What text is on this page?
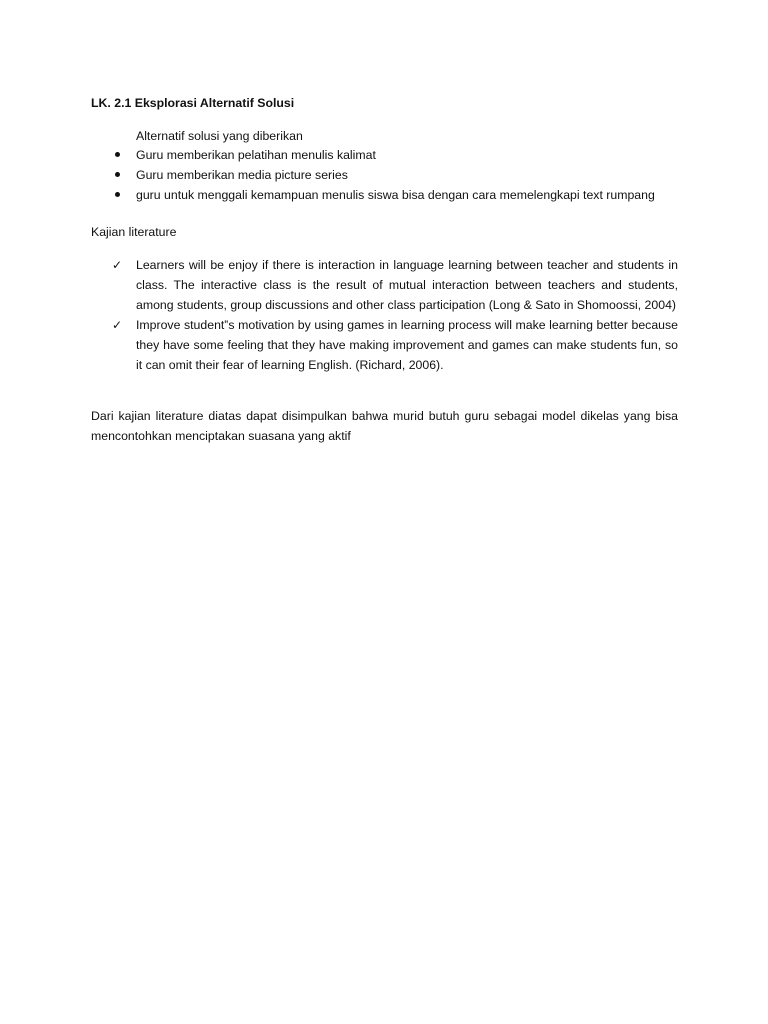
LK. 2.1 Eksplorasi Alternatif Solusi
Alternatif solusi yang diberikan
Guru memberikan pelatihan menulis kalimat
Guru memberikan media picture series
guru untuk menggali kemampuan menulis siswa bisa dengan cara memelengkapi text rumpang
Kajian literature
✓ Learners will be enjoy if there is interaction in language learning between teacher and students in class. The interactive class is the result of mutual interaction between teachers and students, among students, group discussions and other class participation (Long & Sato in Shomoossi, 2004)
✓ Improve student‟s motivation by using games in learning process will make learning better because they have some feeling that they have making improvement and games can make students fun, so it can omit their fear of learning English. (Richard, 2006).
Dari kajian literature diatas dapat disimpulkan bahwa murid butuh guru sebagai model dikelas yang bisa mencontohkan menciptakan suasana yang aktif
